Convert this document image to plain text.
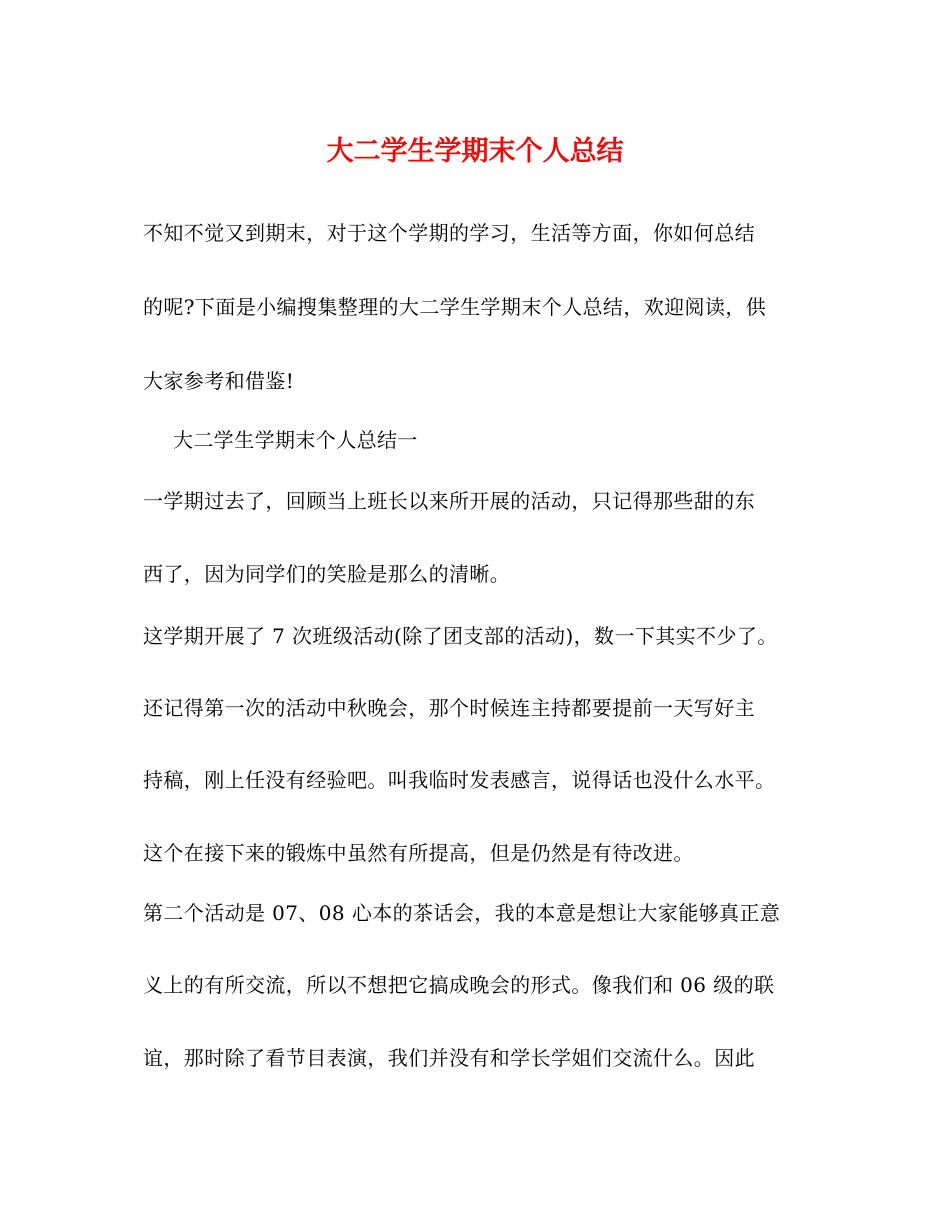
大二学生学期末个人总结
不知不觉又到期末，对于这个学期的学习，生活等方面，你如何总结
的呢?下面是小编搜集整理的大二学生学期末个人总结，欢迎阅读，供
大家参考和借鉴!
大二学生学期末个人总结一
一学期过去了，回顾当上班长以来所开展的活动，只记得那些甜的东
西了，因为同学们的笑脸是那么的清晰。
这学期开展了 7 次班级活动(除了团支部的活动)，数一下其实不少了。
还记得第一次的活动中秋晚会，那个时候连主持都要提前一天写好主
持稿，刚上任没有经验吧。叫我临时发表感言，说得话也没什么水平。
这个在接下来的锻炼中虽然有所提高，但是仍然是有待改进。
第二个活动是 07、08 心本的茶话会，我的本意是想让大家能够真正意
义上的有所交流，所以不想把它搞成晚会的形式。像我们和 06 级的联
谊，那时除了看节目表演，我们并没有和学长学姐们交流什么。因此
